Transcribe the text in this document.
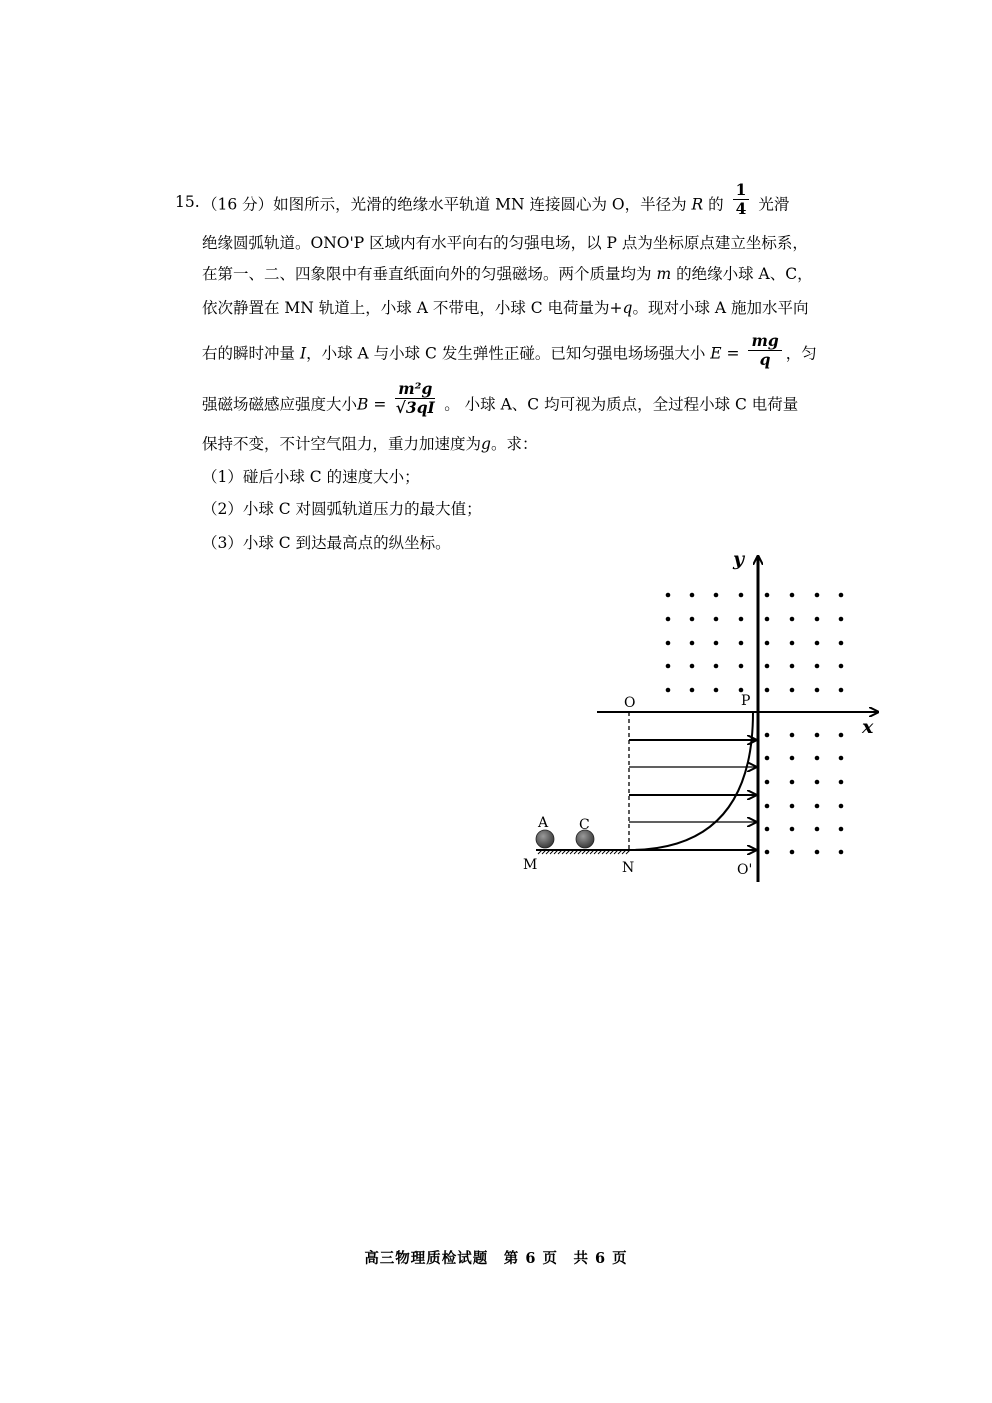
15. （16 分）如图所示，光滑的绝缘水平轨道 MN 连接圆心为 O，半径为 R 的 $\frac{1}{4}$ 光滑
绝缘圆弧轨道。ONO'P 区域内有水平向右的匀强电场，以 P 点为坐标原点建立坐标系，
在第一、二、四象限中有垂直纸面向外的匀强磁场。两个质量均为 m 的绝缘小球 A、C，
依次静置在 MN 轨道上，小球 A 不带电，小球 C 电荷量为+q。现对小球 A 施加水平向
右的瞬时冲量 I，小球 A 与小球 C 发生弹性正碰。已知匀强电场场强大小 $E = \frac{mg}{q}$ ，匀
强磁场磁感应强度大小$B = \frac{\text{m²g}}{√3qI}$ 。 小球 A、C 均可视为质点，全过程小球 C 电荷量
保持不变，不计空气阻力，重力加速度为g。求：
（1）碰后小球 C 的速度大小；
（2）小球 C 对圆弧轨道压力的最大值；
（3）小球 C 到达最高点的纵坐标。
y
x
O	P
A C
M	N	O'
高三物理质检试题　第 6 页　共 6 页
